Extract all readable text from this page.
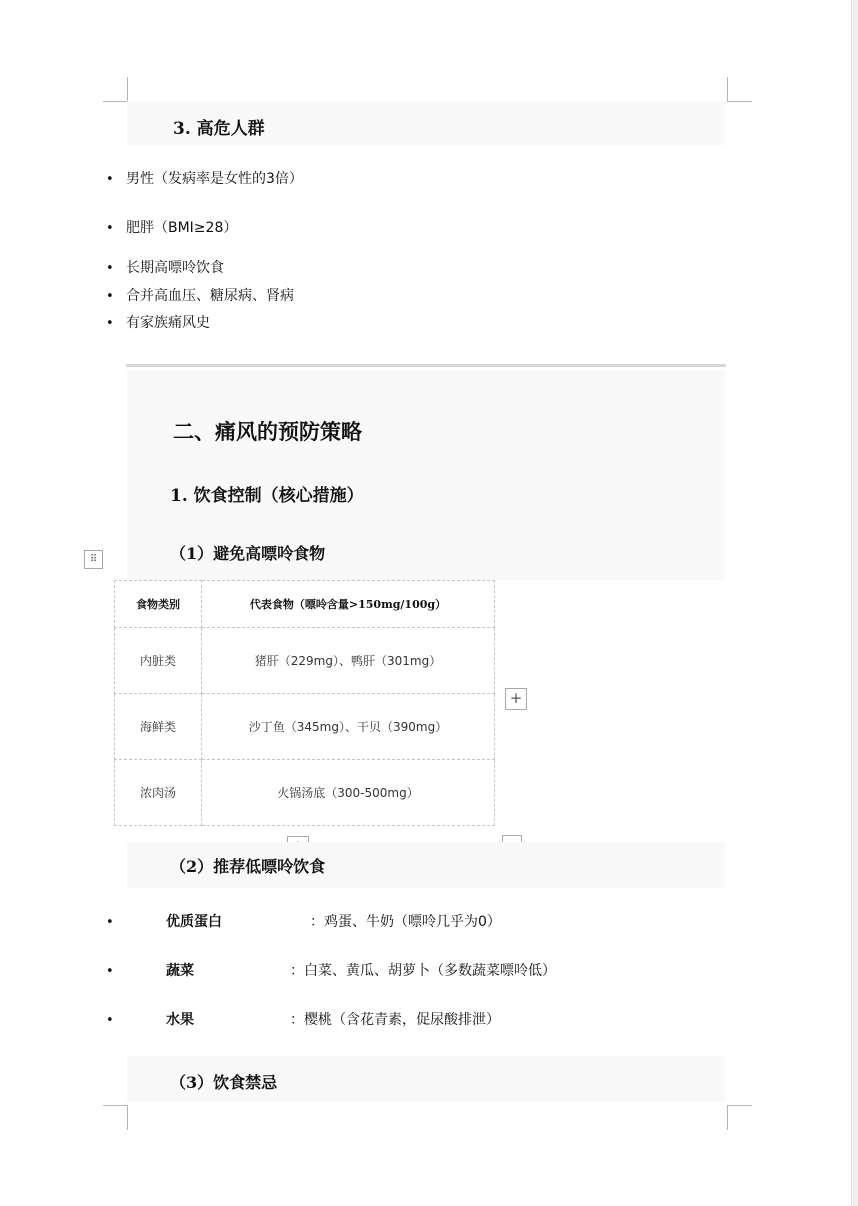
3. 高危人群
• 男性（发病率是女性的3倍）
• 肥胖（BMI≥28）
• 长期高嘌呤饮食
• 合并高血压、糖尿病、肾病
• 有家族痛风史
二、痛风的预防策略
1. 饮食控制（核心措施）
（1）避免高嘌呤食物
⠿
食物类别	代表食物（嘌呤含量>150mg/100g）
内脏类	猪肝（229mg）、鸭肝（301mg）
海鲜类	沙丁鱼（345mg）、干贝（390mg）
浓肉汤	火锅汤底（300-500mg）
+
（2）推荐低嘌呤饮食
•	优质蛋白	：鸡蛋、牛奶（嘌呤几乎为0）
•	蔬菜	：白菜、黄瓜、胡萝卜（多数蔬菜嘌呤低）
•	水果	：樱桃（含花青素，促尿酸排泄）
（3）饮食禁忌
